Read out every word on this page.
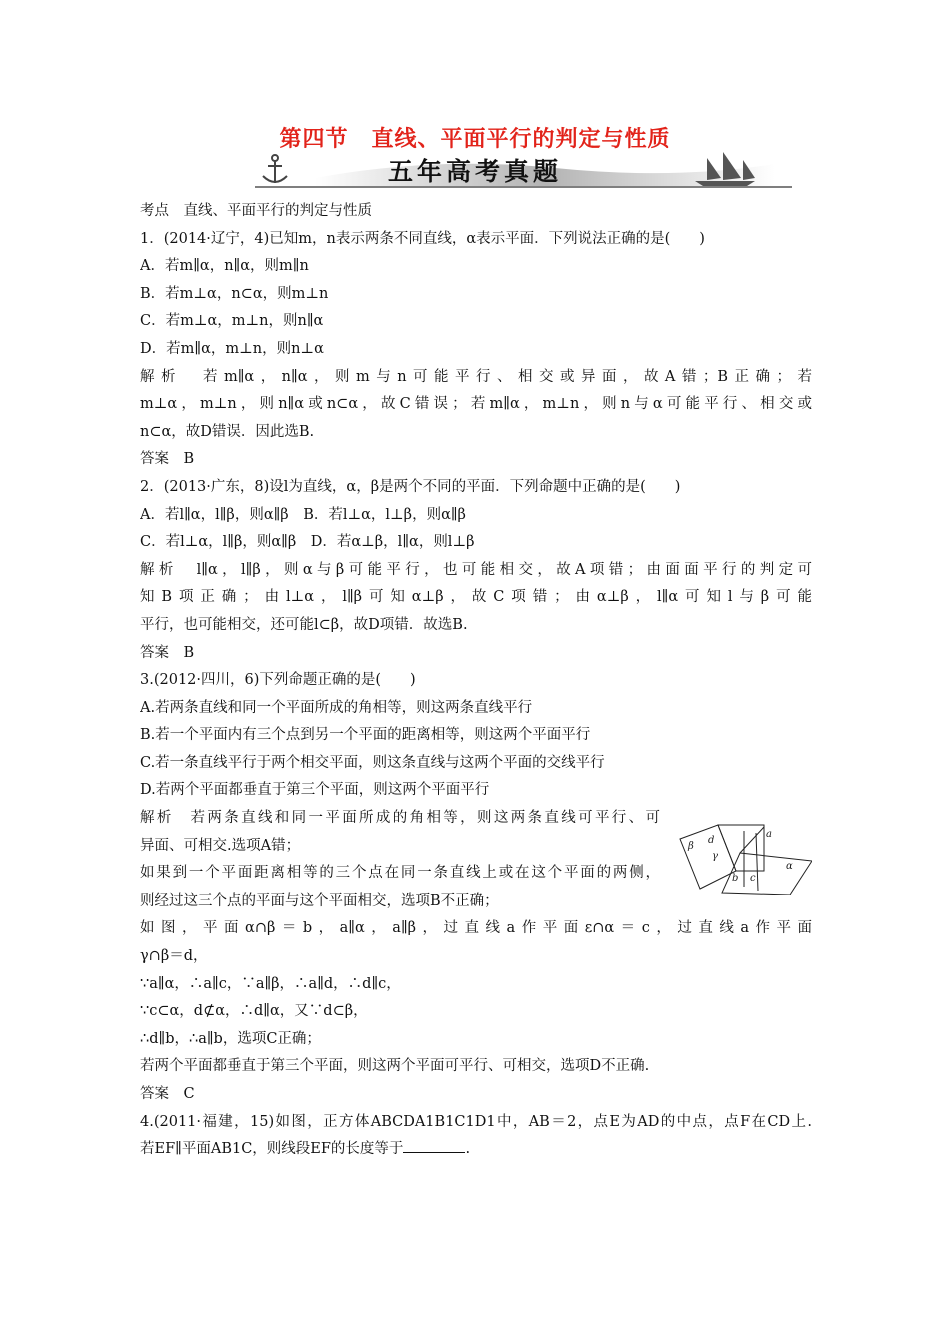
第四节　直线、平面平行的判定与性质
五年高考真题
考点　直线、平面平行的判定与性质
1．(2014·辽宁，4)已知m，n表示两条不同直线，α表示平面．下列说法正确的是(　　)
A．若m∥α，n∥α，则m∥n
B．若m⊥α，n⊂α，则m⊥n
C．若m⊥α，m⊥n，则n∥α
D．若m∥α，m⊥n，则n⊥α
解析　若m∥α，n∥α，则m与n可能平行、相交或异面，故A错；B正确；若
m⊥α，m⊥n，则n∥α或n⊂α，故C错误；若m∥α，m⊥n，则n与α可能平行、相交或
n⊂α，故D错误．因此选B.
答案　B
2．(2013·广东，8)设l为直线，α，β是两个不同的平面．下列命题中正确的是(　　)
A．若l∥α，l∥β，则α∥β　B．若l⊥α，l⊥β，则α∥β
C．若l⊥α，l∥β，则α∥β　D．若α⊥β，l∥α，则l⊥β
解析　l∥α，l∥β，则α与β可能平行，也可能相交，故A项错；由面面平行的判定可
知B项正确；由l⊥α，l∥β可知α⊥β，故C项错；由α⊥β，l∥α可知l与β可能
平行，也可能相交，还可能l⊂β，故D项错．故选B.
答案　B
3.(2012·四川，6)下列命题正确的是(　　)
A.若两条直线和同一个平面所成的角相等，则这两条直线平行
B.若一个平面内有三个点到另一个平面的距离相等，则这两个平面平行
C.若一条直线平行于两个相交平面，则这条直线与这两个平面的交线平行
D.若两个平面都垂直于第三个平面，则这两个平面平行
解析　若两条直线和同一平面所成的角相等，则这两条直线可平行、可
异面、可相交.选项A错；
如果到一个平面距离相等的三个点在同一条直线上或在这个平面的两侧，
则经过这三个点的平面与这个平面相交，选项B不正确；
如图，平面α∩β＝b，a∥α，a∥β，过直线a作平面ε∩α＝c，过直线a作平面
γ∩β＝d，
∵a∥α，∴a∥c，∵a∥β，∴a∥d，∴d∥c，
∵c⊂α，d⊄α，∴d∥α，又∵d⊂β，
∴d∥b，∴a∥b，选项C正确；
若两个平面都垂直于第三个平面，则这两个平面可平行、可相交，选项D不正确.
答案　C
4.(2011·福建，15)如图，正方体ABCDA1B1C1D1中，AB＝2，点E为AD的中点，点F在CD上.
若EF∥平面AB1C，则线段EF的长度等于	.
β
d
γ
a
α
b c
